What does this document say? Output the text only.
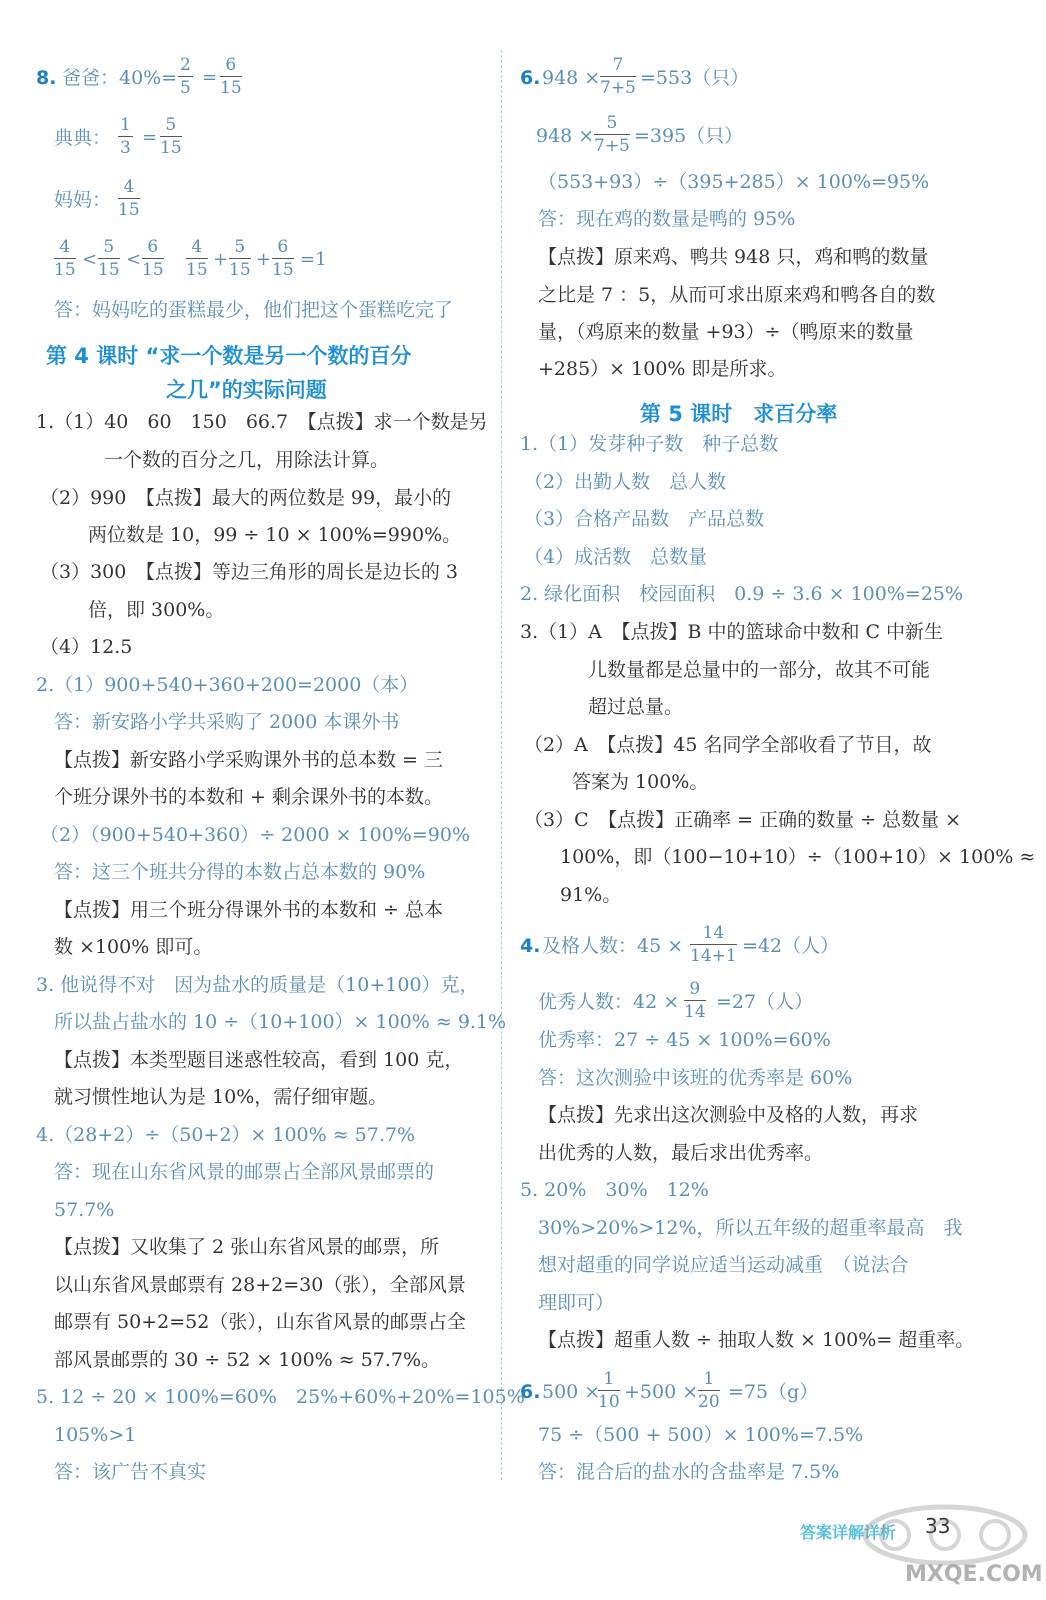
8. 爸爸：$40\%= \frac{2}{5} = \frac{6}{15}$
典典： $\frac{1}{3} = \frac{5}{15}$
妈妈： $\frac{4}{15}$
$\frac{4}{15} < \frac{5}{15} < \frac{6}{15} \frac{4}{15} + \frac{5}{15} + \frac{6}{15} =1$
答：妈妈吃的蛋糕最少，他们把这个蛋糕吃完了
第 4 课时 “求一个数是另一个数的百分
之几”的实际问题
1.（1）40　60　150　66.7　【点拨】求一个数是另
一个数的百分之几，用除法计算。
（2）990　【点拨】最大的两位数是 99，最小的
两位数是 10，99 ÷ 10 × 100%=990%。
（3）300　【点拨】等边三角形的周长是边长的 3
倍，即 300%。
（4）12.5
2.（1）900+540+360+200=2000（本）
答：新安路小学共采购了 2000 本课外书
【点拨】新安路小学采购课外书的总本数 = 三
个班分课外书的本数和 + 剩余课外书的本数。
（2）（900+540+360）÷ 2000 × 100%=90%
答：这三个班共分得的本数占总本数的 90%
【点拨】用三个班分得课外书的本数和 ÷ 总本
数 ×100% 即可。
3. 他说得不对　因为盐水的质量是（10+100）克，
所以盐占盐水的 10 ÷（10+100）× 100% ≈ 9.1%
【点拨】本类型题目迷惑性较高，看到 100 克，
就习惯性地认为是 10%，需仔细审题。
4.（28+2）÷（50+2）× 100% ≈ 57.7%
答：现在山东省风景的邮票占全部风景邮票的
57.7%
【点拨】又收集了 2 张山东省风景的邮票，所
以山东省风景邮票有 28+2=30（张），全部风景
邮票有 50+2=52（张），山东省风景的邮票占全
部风景邮票的 30 ÷ 52 × 100% ≈ 57.7%。
5. 12 ÷ 20 × 100%=60%　25%+60%+20%=105%
105%>1
答：该广告不真实
6. $948 \times \frac{7}{7+5} =553$（只）
$948 \times \frac{5}{7+5} =395$（只）
（553+93）÷（395+285）× 100%=95%
答：现在鸡的数量是鸭的 95%
【点拨】原来鸡、鸭共 948 只，鸡和鸭的数量
之比是 7 ：5，从而可求出原来鸡和鸭各自的数
量，（鸡原来的数量 +93）÷（鸭原来的数量
+285）× 100% 即是所求。
第 5 课时　求百分率
1.（1）发芽种子数　种子总数
（2）出勤人数　总人数
（3）合格产品数　产品总数
（4）成活数　总数量
2. 绿化面积　校园面积　0.9 ÷ 3.6 × 100%=25%
3.（1）A　【点拨】B 中的篮球命中数和 C 中新生
儿数量都是总量中的一部分，故其不可能
超过总量。
（2）A　【点拨】45 名同学全部收看了节目，故
答案为 100%。
（3）C　【点拨】正确率 = 正确的数量 ÷ 总数量 ×
100%，即（100−10+10）÷（100+10）× 100% ≈
91%。
4. 及格人数：$45 \times \frac{14}{14+1} =42$（人）
优秀人数：$42 \times \frac{9}{14} =27$（人）
优秀率：27 ÷ 45 × 100%=60%
答：这次测验中该班的优秀率是 60%
【点拨】先求出这次测验中及格的人数，再求
出优秀的人数，最后求出优秀率。
5. 20%　30%　12%
30%>20%>12%，所以五年级的超重率最高　我
想对超重的同学说应适当运动减重　（说法合
理即可）
【点拨】超重人数 ÷ 抽取人数 × 100%= 超重率。
6. 500 ×
$\frac{1}{10} +500 \times \frac{1}{20} =75(g)$
75 ÷（500 + 500）× 100%=7.5%
答：混合后的盐水的含盐率是 7.5%
答案详解详析 33
MXQE.COM
